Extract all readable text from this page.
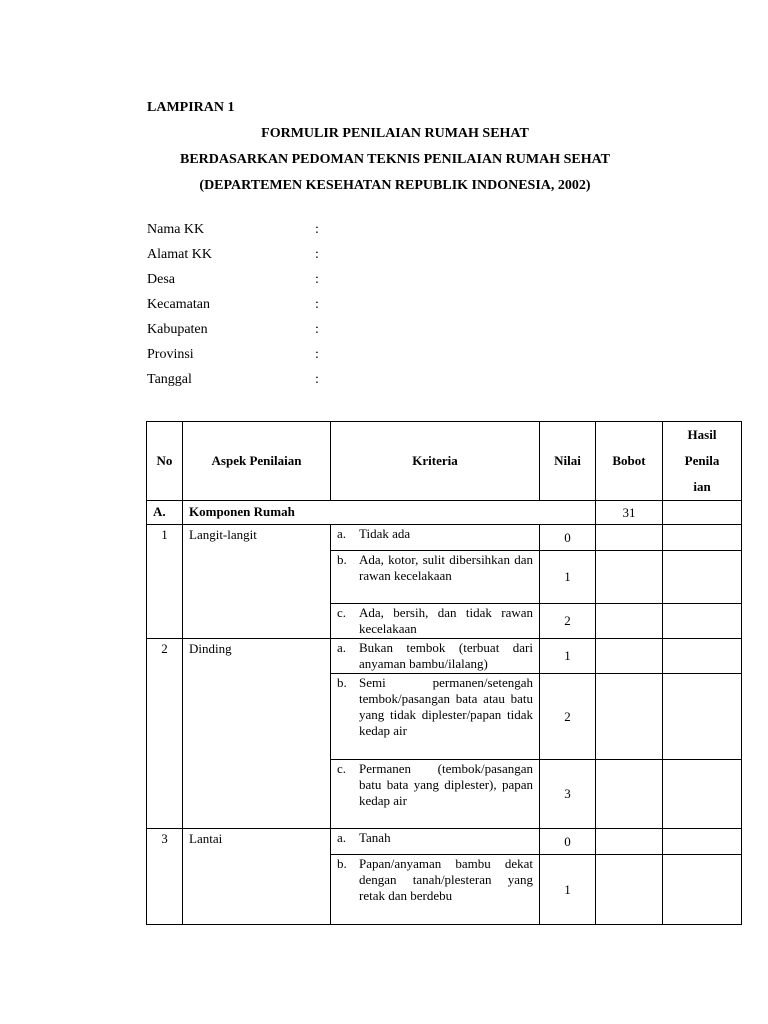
LAMPIRAN 1
FORMULIR PENILAIAN RUMAH SEHAT
BERDASARKAN PEDOMAN TEKNIS PENILAIAN RUMAH SEHAT
(DEPARTEMEN KESEHATAN REPUBLIK INDONESIA, 2002)
Nama KK	:
Alamat KK	:
Desa	:
Kecamatan	:
Kabupaten	:
Provinsi	:
Tanggal	:
No	Aspek Penilaian	Kriteria	Nilai	Bobot	Hasil
Penila
ian

A.	Komponen Rumah			31	
1	Langit-langit	a. Tidak ada	0		

		b. Ada, kotor, sulit dibersihkan dan rawan kecelakaan	1		

		c. Ada, bersih, dan tidak rawan kecelakaan	2		
2	Dinding	a. Bukan tembok (terbuat dari anyaman bambu/ilalang)	1		

		b. Semi permanen/setengah tembok/pasangan bata atau batu yang tidak diplester/papan tidak kedap air	2		

		c. Permanen (tembok/pasangan batu bata yang diplester), papan kedap air	3		
3	Lantai	a. Tanah	0		

		b. Papan/anyaman bambu dekat dengan tanah/plesteran yang retak dan berdebu	1		
